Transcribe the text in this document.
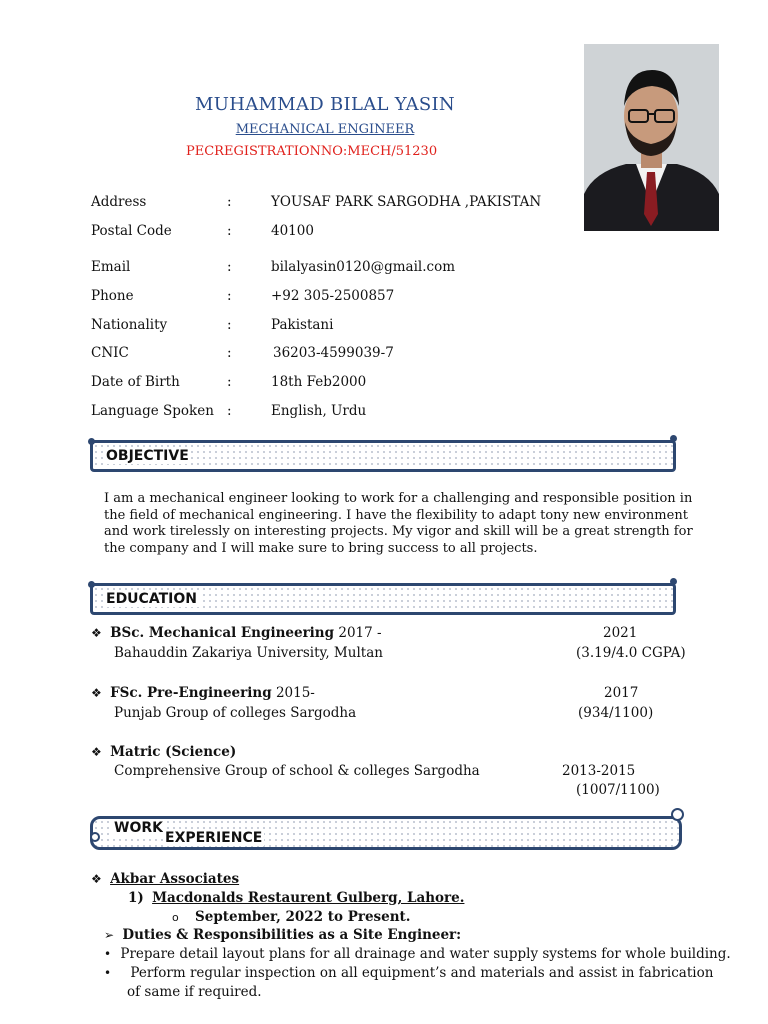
MUHAMMAD BILAL YASIN
MECHANICAL ENGINEER
PECREGISTRATIONNO:MECH/51230
Address	:	YOUSAF PARK SARGODHA ,PAKISTAN
Postal Code	:	40100
Email	:	bilalyasin0120@gmail.com
Phone	:	+92 305-2500857
Nationality	:	Pakistani
CNIC	:	36203-4599039-7
Date of Birth	:	18th Feb2000
Language Spoken :	English, Urdu
OBJECTIVE
I am a mechanical engineer looking to work for a challenging and responsible position in the field of mechanical engineering. I have the flexibility to adapt tony new environment and work tirelessly on interesting projects. My vigor and skill will be a great strength for the company and I will make sure to bring success to all projects.
EDUCATION
❖ BSc. Mechanical Engineering 2017 -	2021
Bahauddin Zakariya University, Multan	(3.19/4.0 CGPA)
❖ FSc. Pre-Engineering 2015-	2017
Punjab Group of colleges Sargodha	(934/1100)
❖ Matric (Science)
Comprehensive Group of school & colleges Sargodha	2013-2015
(1007/1100)
WORK
EXPERIENCE
❖ Akbar Associates
1) Macdonalds Restaurent Gulberg, Lahore.
o September, 2022 to Present.
➢ Duties & Responsibilities as a Site Engineer:
• Prepare detail layout plans for all drainage and water supply systems for whole building.
• Perform regular inspection on all equipment’s and materials and assist in fabrication
of same if required.
